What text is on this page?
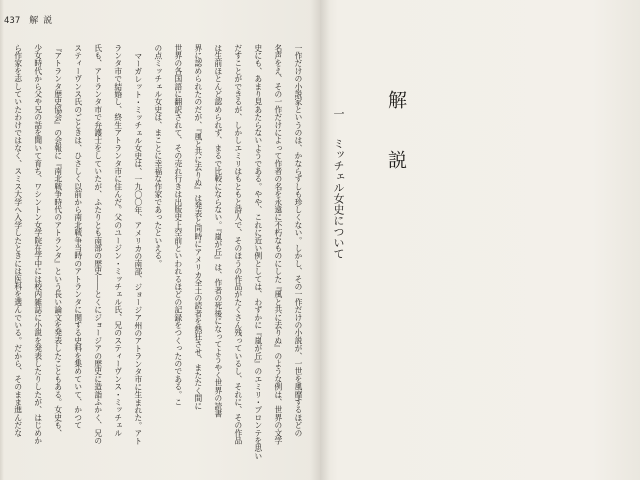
437 解説
一作だけの小説家というのは、かならずしも珍しくない。しかし、その一作だけの小説が、一世を風靡するほどの
名声をえ、その一作だけによって作者の名を永遠に不朽なものにした『風と共に去りぬ』のような例は、世界の文学
史にも、あまり見あたらないようである。やや、これに近い例としては、わずかに『嵐が丘』のエミリ・ブロンテを思い
だすことができるが、しかしエミリはもともと詩人で、そのほうの作品がたくさん残っているし、それに、その作品
は生前ほとんど認められず、まるで比較にならない。『嵐が丘』は、作者の死後になってようやく世界の読書
界に認められたのだが、『風と共に去りぬ』は発表と同時にアメリカ全土の読者を熱狂させ、またたく間に
世界の各国語に翻訳されて、その売れ行きは出版史上空前といわれるほどの記録をつくったのである。こ
の点ミッチェル女史は、まことに幸福な作家であったといえる。
マーガレット・ミッチェル女史は、一九〇〇年、アメリカの南部、ジョージア州のアトランタ市に生まれた。アト
ランタ市で結婚し、終生アトランタ市に住んだ。父のユージン・ミッチェル氏、兄のスティーヴンス・ミッチェル
氏も、アトランタ市で弁護士をしていたが、ふたりとも南部の歴史――とくにジョージアの歴史に造詣ふかく、兄の
スティーヴンス氏のごときは、ひさしく以前から南北戦争当時のアトランタに関する史料を集めていて、かつて
『アトランタ歴史協会』の会報に『南北戦争時代のアトランタ』という長い論文を発表したこともある。女史も、
少女時代から父や兄の話を聞いて育ち、ワシントン女学院在学中には校内雑誌に小説を発表したりしたが、はじめか
ら作家を志していたわけではなく、スミス大学へ入学したときには医科を選んでいる。だから、そのまま進んだな	解説
一ミッチェル女史について
